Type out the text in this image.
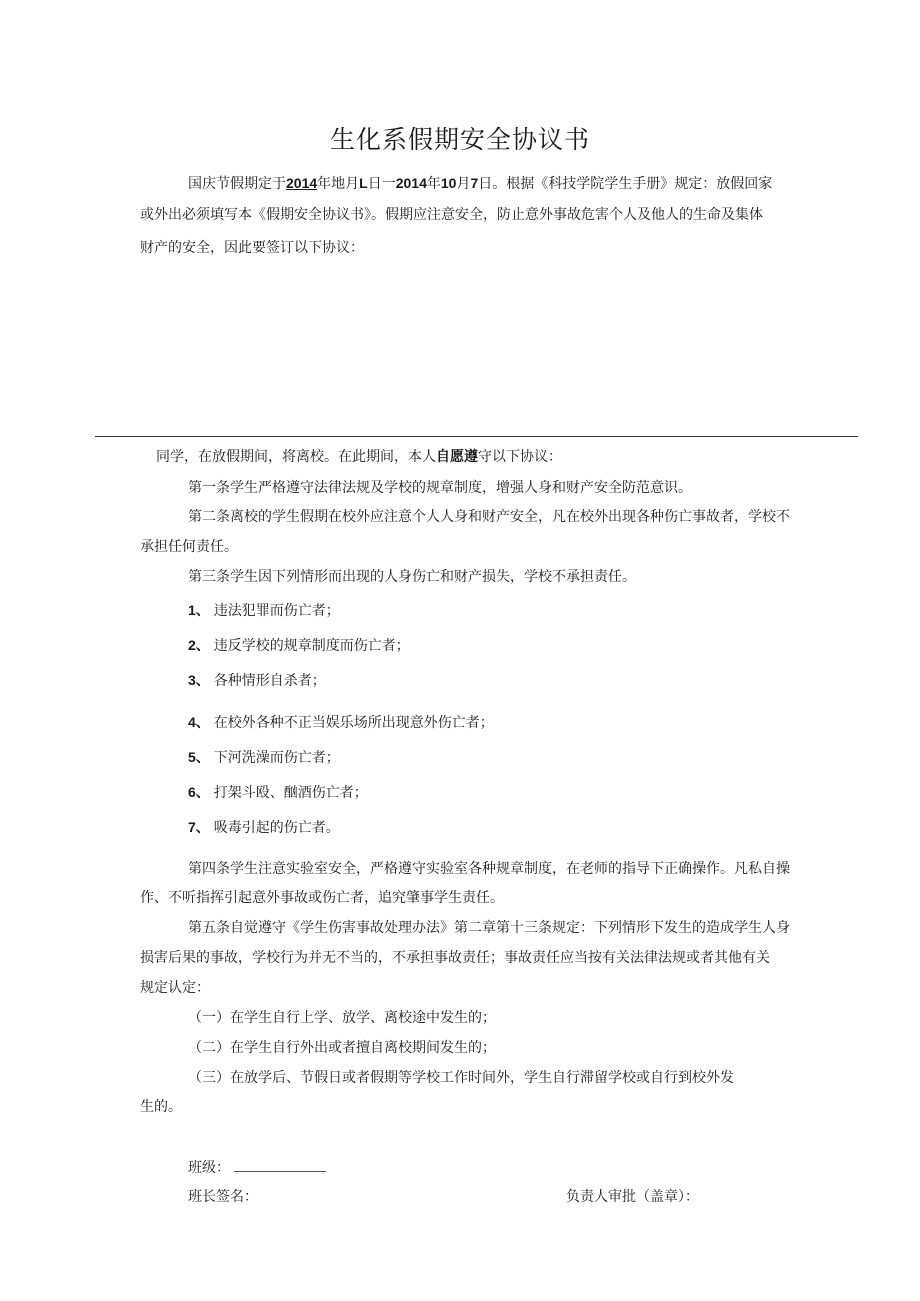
生化系假期安全协议书
国庆节假期定于2014年地月L日一2014年10月7日。根据《科技学院学生手册》规定：放假回家
或外出必须填写本《假期安全协议书》。假期应注意安全，防止意外事故危害个人及他人的生命及集体
财产的安全，因此要签订以下协议：
同学，在放假期间，将离校。在此期间，本人自愿遵守以下协议：
第一条学生严格遵守法律法规及学校的规章制度，增强人身和财产安全防范意识。
第二条离校的学生假期在校外应注意个人人身和财产安全，凡在校外出现各种伤亡事故者，学校不
承担任何责任。
第三条学生因下列情形而出现的人身伤亡和财产损失，学校不承担责任。
1、 违法犯罪而伤亡者；
2、 违反学校的规章制度而伤亡者；
3、 各种情形自杀者；
4、 在校外各种不正当娱乐场所出现意外伤亡者；
5、 下河洗澡而伤亡者；
6、 打架斗殴、酗酒伤亡者；
7、 吸毒引起的伤亡者。
第四条学生注意实验室安全，严格遵守实验室各种规章制度，在老师的指导下正确操作。凡私自操
作、不听指挥引起意外事故或伤亡者，追究肇事学生责任。
第五条自觉遵守《学生伤害事故处理办法》第二章第十三条规定：下列情形下发生的造成学生人身
损害后果的事故，学校行为并无不当的，不承担事故责任；事故责任应当按有关法律法规或者其他有关
规定认定：
（一）在学生自行上学、放学、离校途中发生的；
（二）在学生自行外出或者擅自离校期间发生的；
（三）在放学后、节假日或者假期等学校工作时间外，学生自行滞留学校或自行到校外发
生的。
班级：
班长签名：	负责人审批（盖章）：
